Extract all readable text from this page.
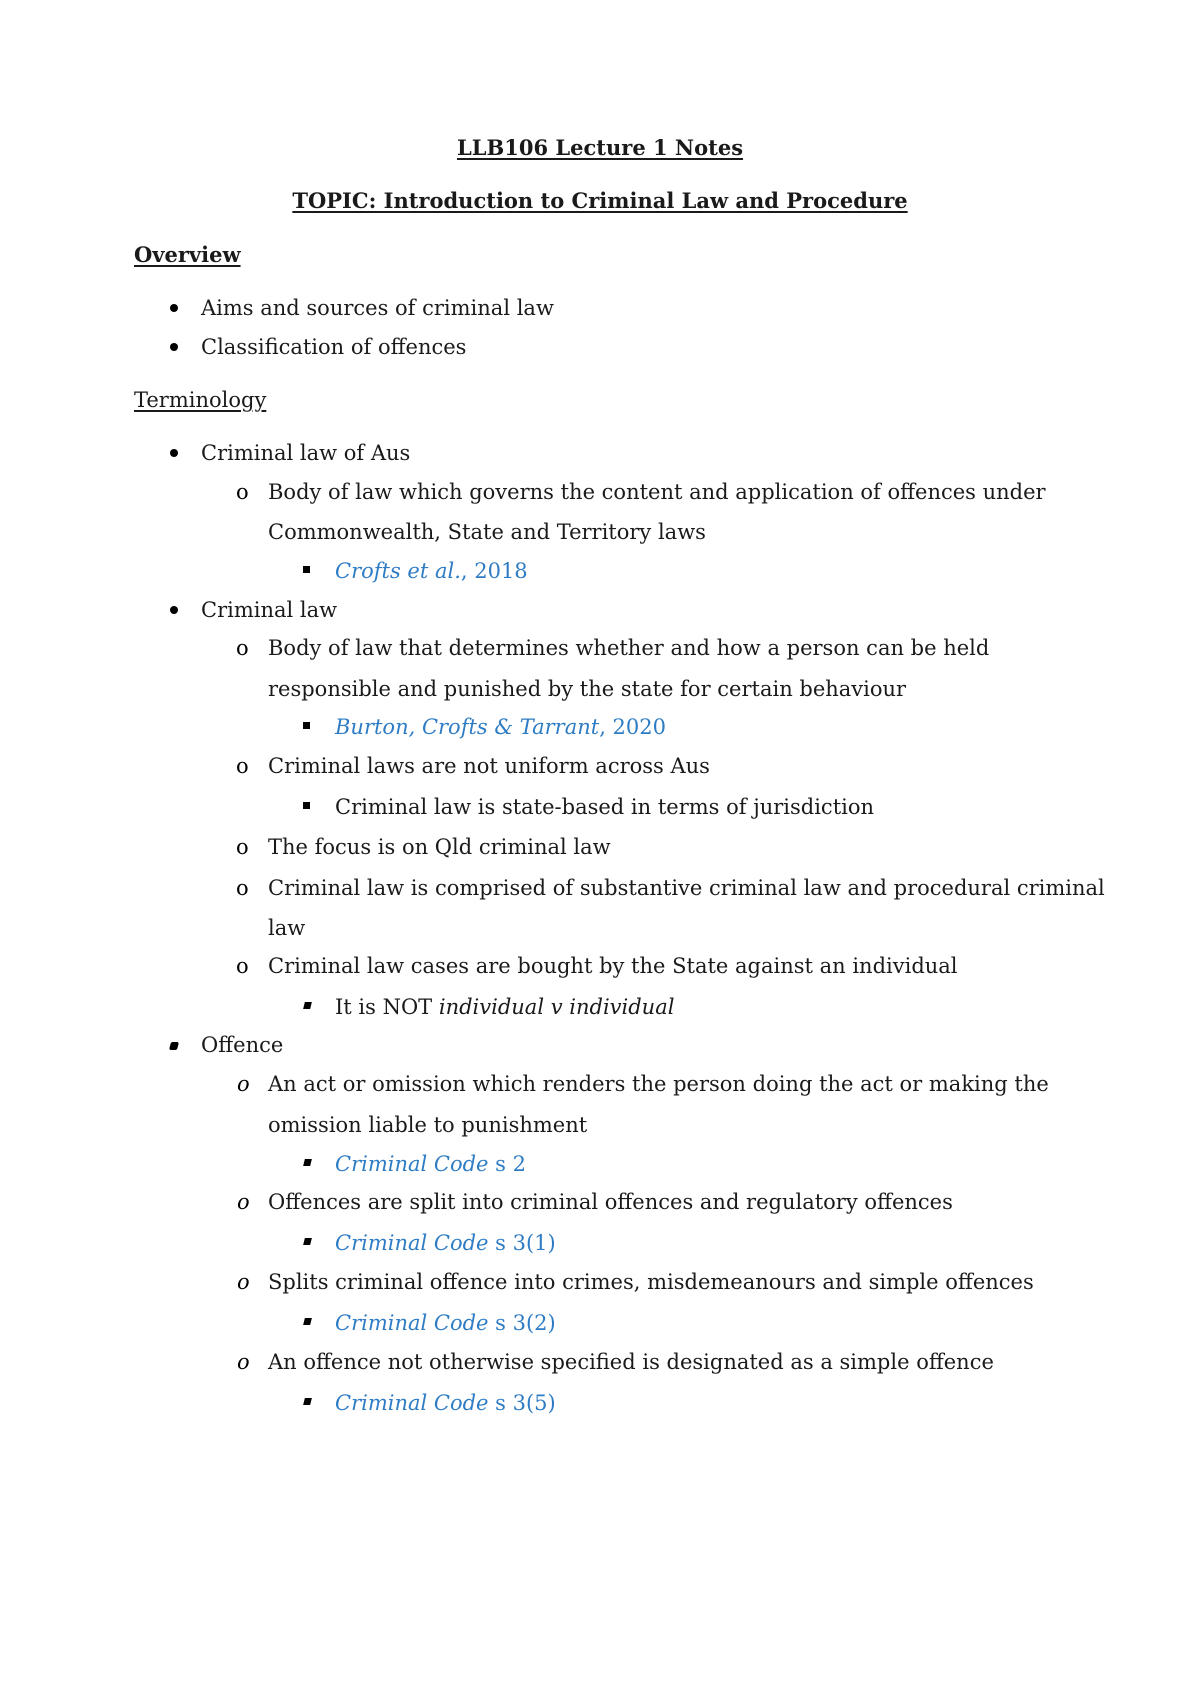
LLB106 Lecture 1 Notes
TOPIC: Introduction to Criminal Law and Procedure
Overview
Aims and sources of criminal law
Classification of offences
Terminology
Criminal law of Aus
o Body of law which governs the content and application of offences under
Commonwealth, State and Territory laws
Crofts et al., 2018
Criminal law
o Body of law that determines whether and how a person can be held
responsible and punished by the state for certain behaviour
Burton, Crofts & Tarrant, 2020
o Criminal laws are not uniform across Aus
Criminal law is state-based in terms of jurisdiction
o The focus is on Qld criminal law
o Criminal law is comprised of substantive criminal law and procedural criminal
law
o Criminal law cases are bought by the State against an individual
It is NOT individual v individual
Offence
o An act or omission which renders the person doing the act or making the
omission liable to punishment
Criminal Code s 2
o Offences are split into criminal offences and regulatory offences
Criminal Code s 3(1)
o Splits criminal offence into crimes, misdemeanours and simple offences
Criminal Code s 3(2)
o An offence not otherwise specified is designated as a simple offence
Criminal Code s 3(5)
